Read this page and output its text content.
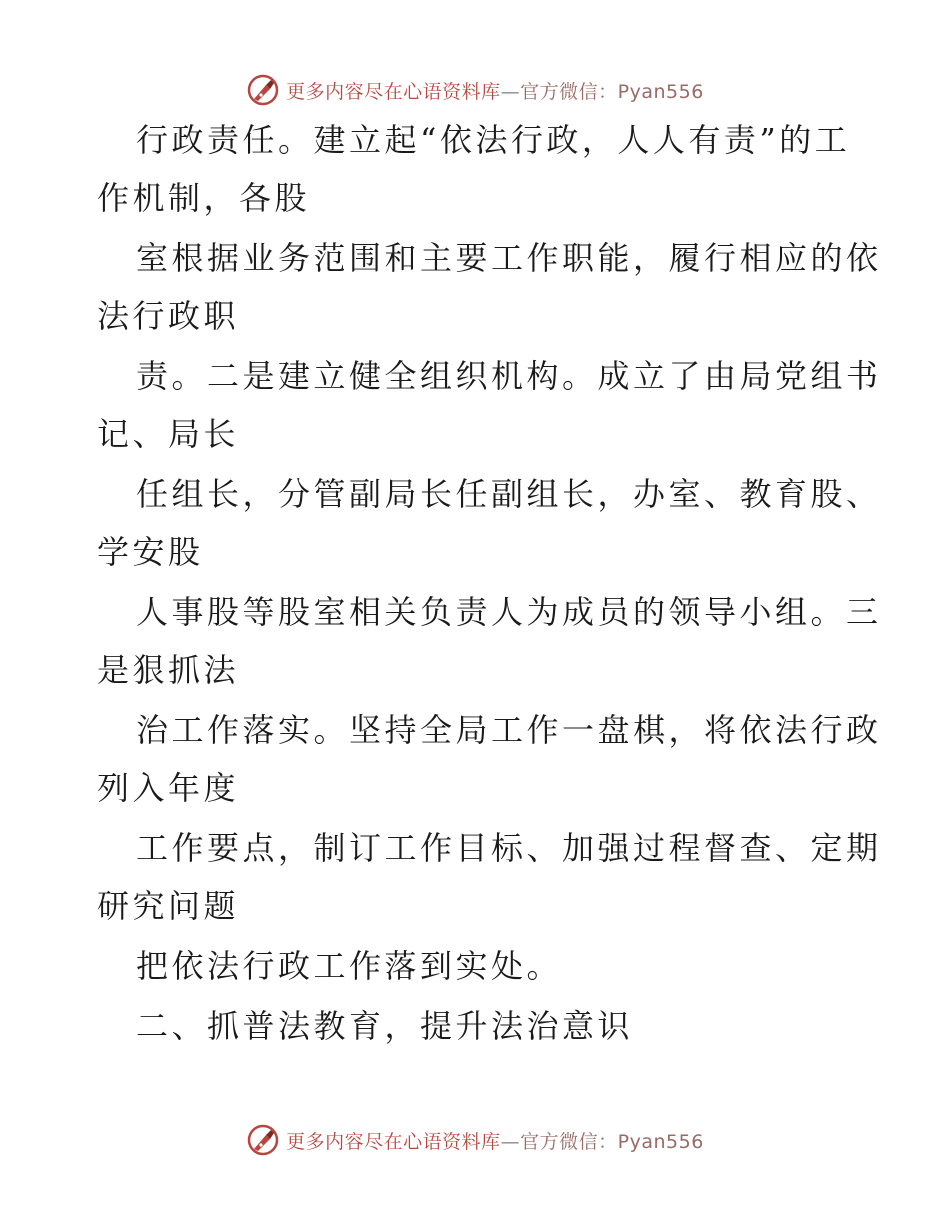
更多内容尽在心语资料库—官方微信：Pyan556
行政责任。建立起“依法行政，人人有责”的工
作机制，各股
室根据业务范围和主要工作职能，履行相应的依
法行政职
责。二是建立健全组织机构。成立了由局党组书
记、局长
任组长，分管副局长任副组长，办室、教育股、
学安股
人事股等股室相关负责人为成员的领导小组。三
是狠抓法
治工作落实。坚持全局工作一盘棋，将依法行政
列入年度
工作要点，制订工作目标、加强过程督查、定期
研究问题
把依法行政工作落到实处。
二、抓普法教育，提升法治意识
更多内容尽在心语资料库—官方微信：Pyan556
